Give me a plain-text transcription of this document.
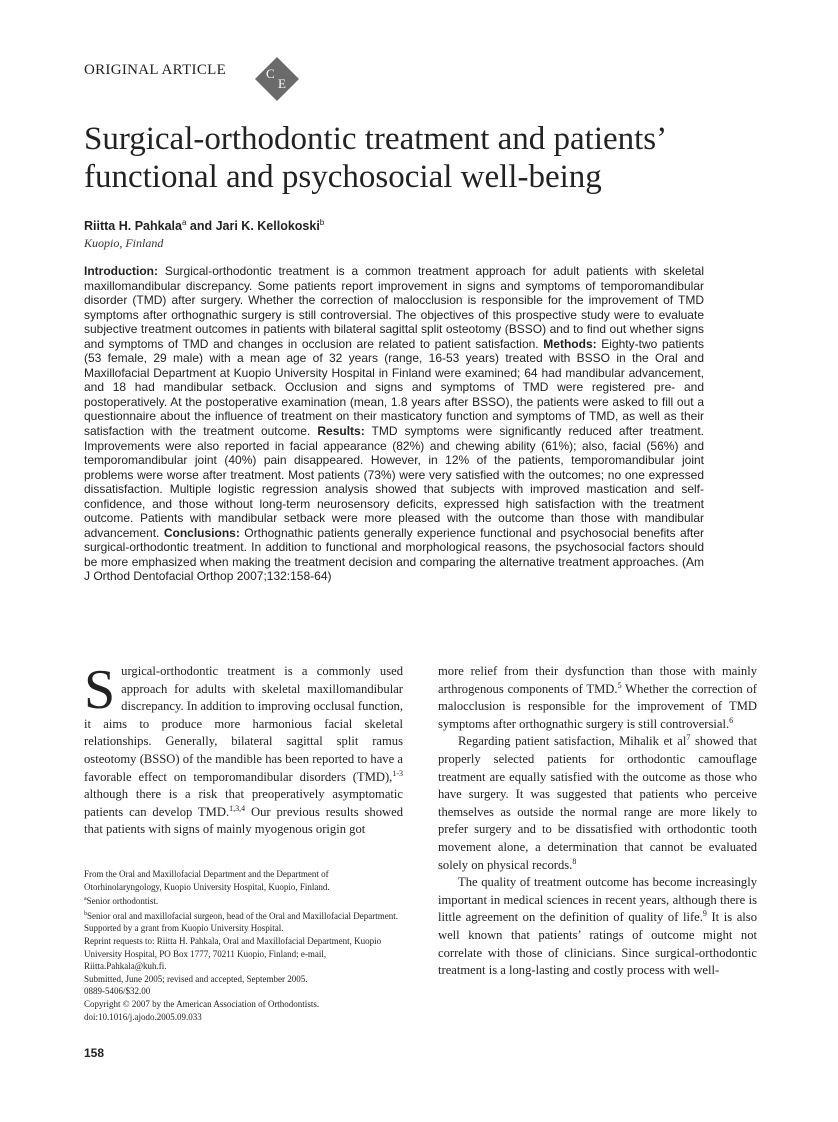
ORIGINAL ARTICLE	C
E
Surgical-orthodontic treatment and patients’ functional and psychosocial well-being
Riitta H. Pahkala$^a$ and Jari K. Kellokoski$^b$
Kuopio, Finland

Introduction: Surgical-orthodontic treatment is a common treatment approach for adult patients with skeletal maxillomandibular discrepancy. Some patients report improvement in signs and symptoms of temporomandibular disorder (TMD) after surgery. Whether the correction of malocclusion is responsible for the improvement of TMD symptoms after orthognathic surgery is still controversial. The objectives of this prospective study were to evaluate subjective treatment outcomes in patients with bilateral sagittal split osteotomy (BSSO) and to find out whether signs and symptoms of TMD and changes in occlusion are related to patient satisfaction. Methods: Eighty-two patients (53 female, 29 male) with a mean age of 32 years (range, 16-53 years) treated with BSSO in the Oral and Maxillofacial Department at Kuopio University Hospital in Finland were examined; 64 had mandibular advancement, and 18 had mandibular setback. Occlusion and signs and symptoms of TMD were registered pre- and postoperatively. At the postoperative examination (mean, 1.8 years after BSSO), the patients were asked to fill out a questionnaire about the influence of treatment on their masticatory function and symptoms of TMD, as well as their satisfaction with the treatment outcome. Results: TMD symptoms were significantly reduced after treatment. Improvements were also reported in facial appearance (82%) and chewing ability (61%); also, facial (56%) and temporomandibular joint (40%) pain disappeared. However, in 12% of the patients, temporomandibular joint problems were worse after treatment. Most patients (73%) were very satisfied with the outcomes; no one expressed dissatisfaction. Multiple logistic regression analysis showed that subjects with improved mastication and self-confidence, and those without long-term neurosensory deficits, expressed high satisfaction with the treatment outcome. Patients with mandibular setback were more pleased with the outcome than those with mandibular advancement. Conclusions: Orthognathic patients generally experience functional and psychosocial benefits after surgical-orthodontic treatment. In addition to functional and morphological reasons, the psychosocial factors should be more emphasized when making the treatment decision and comparing the alternative treatment approaches. (Am J Orthod Dentofacial Orthop 2007;132:158-64)

Surgical-orthodontic treatment is a commonly used approach for adults with skeletal maxillomandibular discrepancy. In addition to improving occlusal function, it aims to produce more harmonious facial skeletal relationships. Generally, bilateral sagittal split ramus osteotomy (BSSO) of the mandible has been reported to have a favorable effect on temporomandibular disorders (TMD),$^{1-3}$ although there is a risk that preoperatively asymptomatic patients can develop TMD.$^{1,3,4}$ Our previous results showed that patients with signs of mainly myogenous origin got

From the Oral and Maxillofacial Department and the Department of Otorhinolaryngology, Kuopio University Hospital, Kuopio, Finland.
$^a$Senior orthodontist.
$^b$Senior oral and maxillofacial surgeon, head of the Oral and Maxillofacial Department.
Supported by a grant from Kuopio University Hospital.
Reprint requests to: Riitta H. Pahkala, Oral and Maxillofacial Department, Kuopio University Hospital, PO Box 1777, 70211 Kuopio, Finland; e-mail, Riitta.Pahkala@kuh.fi.
Submitted, June 2005; revised and accepted, September 2005.
0889-5406/$32.00
Copyright © 2007 by the American Association of Orthodontists.
doi:10.1016/j.ajodo.2005.09.033

more relief from their dysfunction than those with mainly arthrogenous components of TMD.$^5$ Whether the correction of malocclusion is responsible for the improvement of TMD symptoms after orthognathic surgery is still controversial.$^6$

Regarding patient satisfaction, Mihalik et al$^7$ showed that properly selected patients for orthodontic camouflage treatment are equally satisfied with the outcome as those who have surgery. It was suggested that patients who perceive themselves as outside the normal range are more likely to prefer surgery and to be dissatisfied with orthodontic tooth movement alone, a determination that cannot be evaluated solely on physical records.$^8$

The quality of treatment outcome has become increasingly important in medical sciences in recent years, although there is little agreement on the definition of quality of life.$^9$ It is also well known that patients’ ratings of outcome might not correlate with those of clinicians. Since surgical-orthodontic treatment is a long-lasting and costly process with well-

158
